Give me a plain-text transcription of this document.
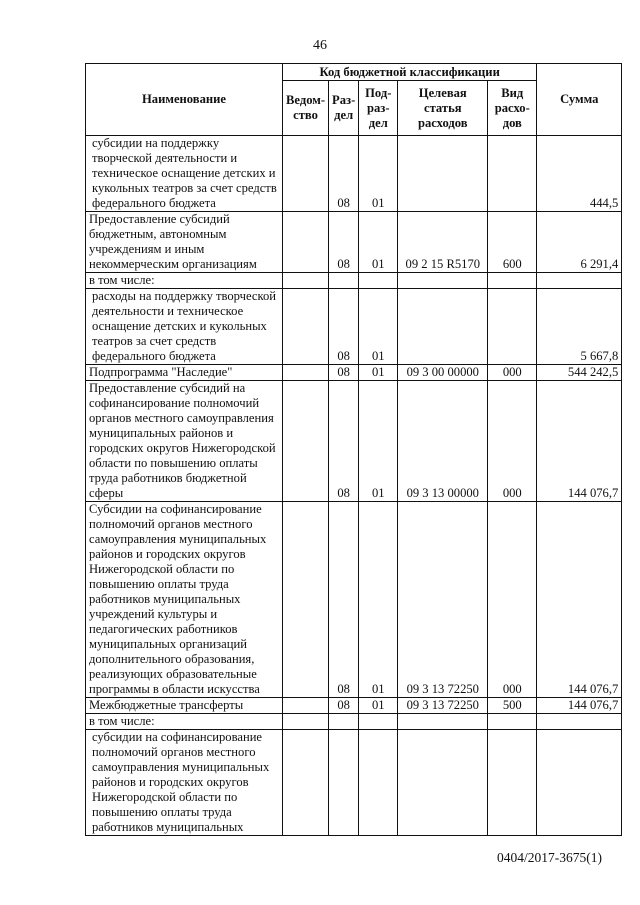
46
Наименование	Код бюджетной классификации					Сумма
	Ведом-ство	Раз-дел	Под-раз-дел	Целевая статья расходов	Вид расхо-дов	
субсидии на поддержку творческой деятельности и техническое оснащение детских и кукольных театров за счет средств федерального бюджета		08	01			444,5
Предоставление субсидий бюджетным, автономным учреждениям и иным некоммерческим организациям		08	01	09 2 15 R5170	600	6 291,4
в том числе:						
расходы на поддержку творческой деятельности и техническое оснащение детских и кукольных театров за счет средств федерального бюджета		08	01			5 667,8
Подпрограмма "Наследие"		08	01	09 3 00 00000	000	544 242,5
Предоставление субсидий на софинансирование полномочий органов местного самоуправления муниципальных районов и городских округов Нижегородской области по повышению оплаты труда работников бюджетной сферы		08	01	09 3 13 00000	000	144 076,7
Субсидии на софинансирование полномочий органов местного самоуправления муниципальных районов и городских округов Нижегородской области по повышению оплаты труда работников муниципальных учреждений культуры и педагогических работников муниципальных организаций дополнительного образования, реализующих образовательные программы в области искусства		08	01	09 3 13 72250	000	144 076,7
Межбюджетные трансферты		08	01	09 3 13 72250	500	144 076,7
в том числе:						
субсидии на софинансирование полномочий органов местного самоуправления муниципальных районов и городских округов Нижегородской области по повышению оплаты труда работников муниципальных						
0404/2017-3675(1)
